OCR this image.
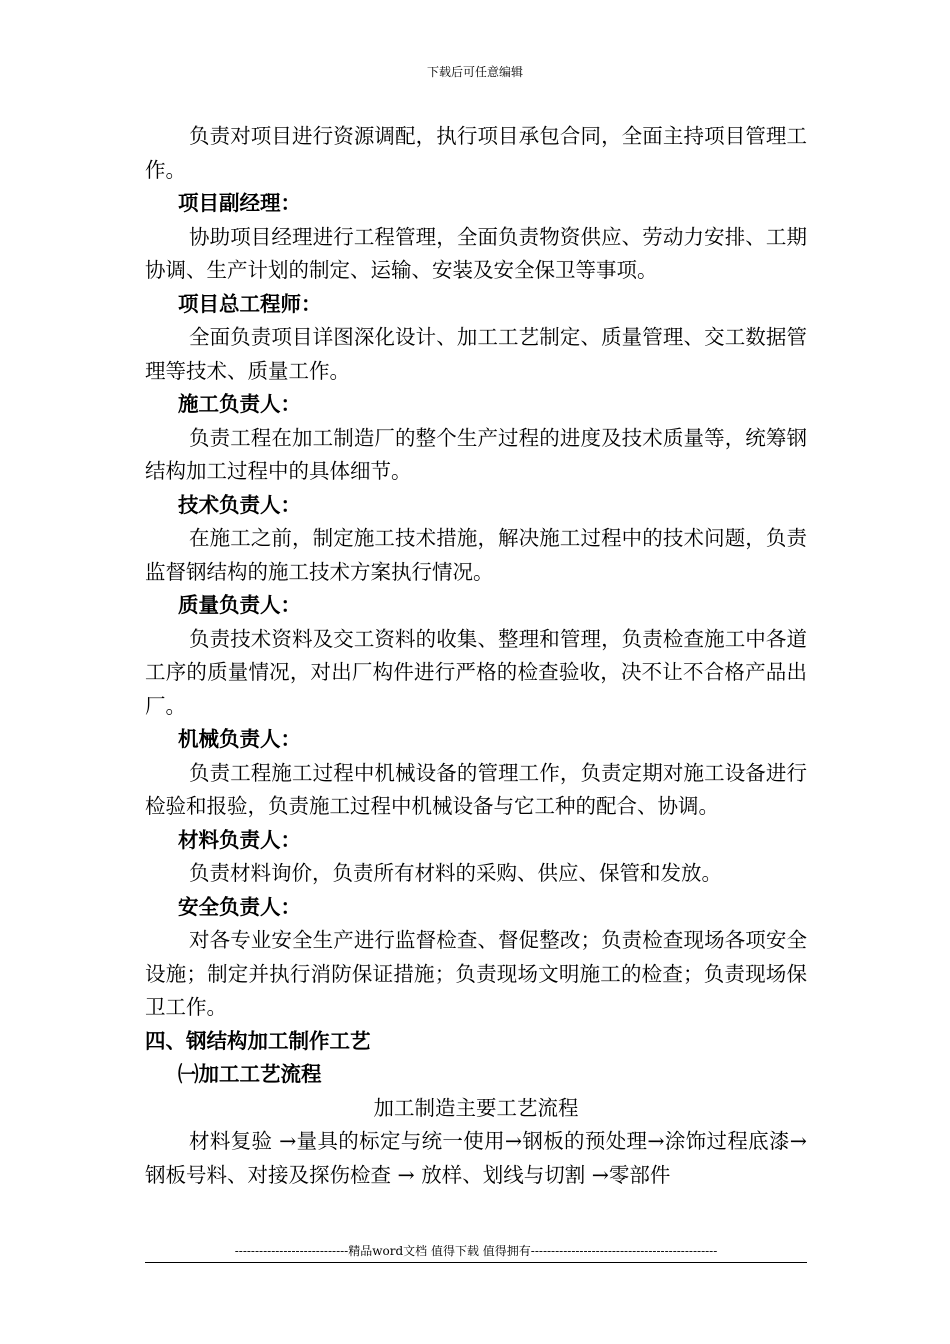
下载后可任意编辑

负责对项目进行资源调配，执行项目承包合同，全面主持项目管理工作。

项目副经理：

协助项目经理进行工程管理，全面负责物资供应、劳动力安排、工期协调、生产计划的制定、运输、安装及安全保卫等事项。

项目总工程师：

全面负责项目详图深化设计、加工工艺制定、质量管理、交工数据管理等技术、质量工作。

施工负责人：

负责工程在加工制造厂的整个生产过程的进度及技术质量等，统筹钢结构加工过程中的具体细节。

技术负责人：

在施工之前，制定施工技术措施，解决施工过程中的技术问题，负责监督钢结构的施工技术方案执行情况。

质量负责人：

负责技术资料及交工资料的收集、整理和管理，负责检查施工中各道工序的质量情况，对出厂构件进行严格的检查验收，决不让不合格产品出厂。

机械负责人：

负责工程施工过程中机械设备的管理工作，负责定期对施工设备进行检验和报验，负责施工过程中机械设备与它工种的配合、协调。

材料负责人：

负责材料询价，负责所有材料的采购、供应、保管和发放。

安全负责人：

对各专业安全生产进行监督检查、督促整改；负责检查现场各项安全设施；制定并执行消防保证措施；负责现场文明施工的检查；负责现场保卫工作。

四、钢结构加工制作工艺
㈠加工工艺流程
加工制造主要工艺流程

材料复验 →量具的标定与统一使用→钢板的预处理→涂饰过程底漆→钢板号料、对接及探伤检查 → 放样、划线与切割 →零部件

----------------------------精品word文档 值得下载 值得拥有----------------------------------------------
